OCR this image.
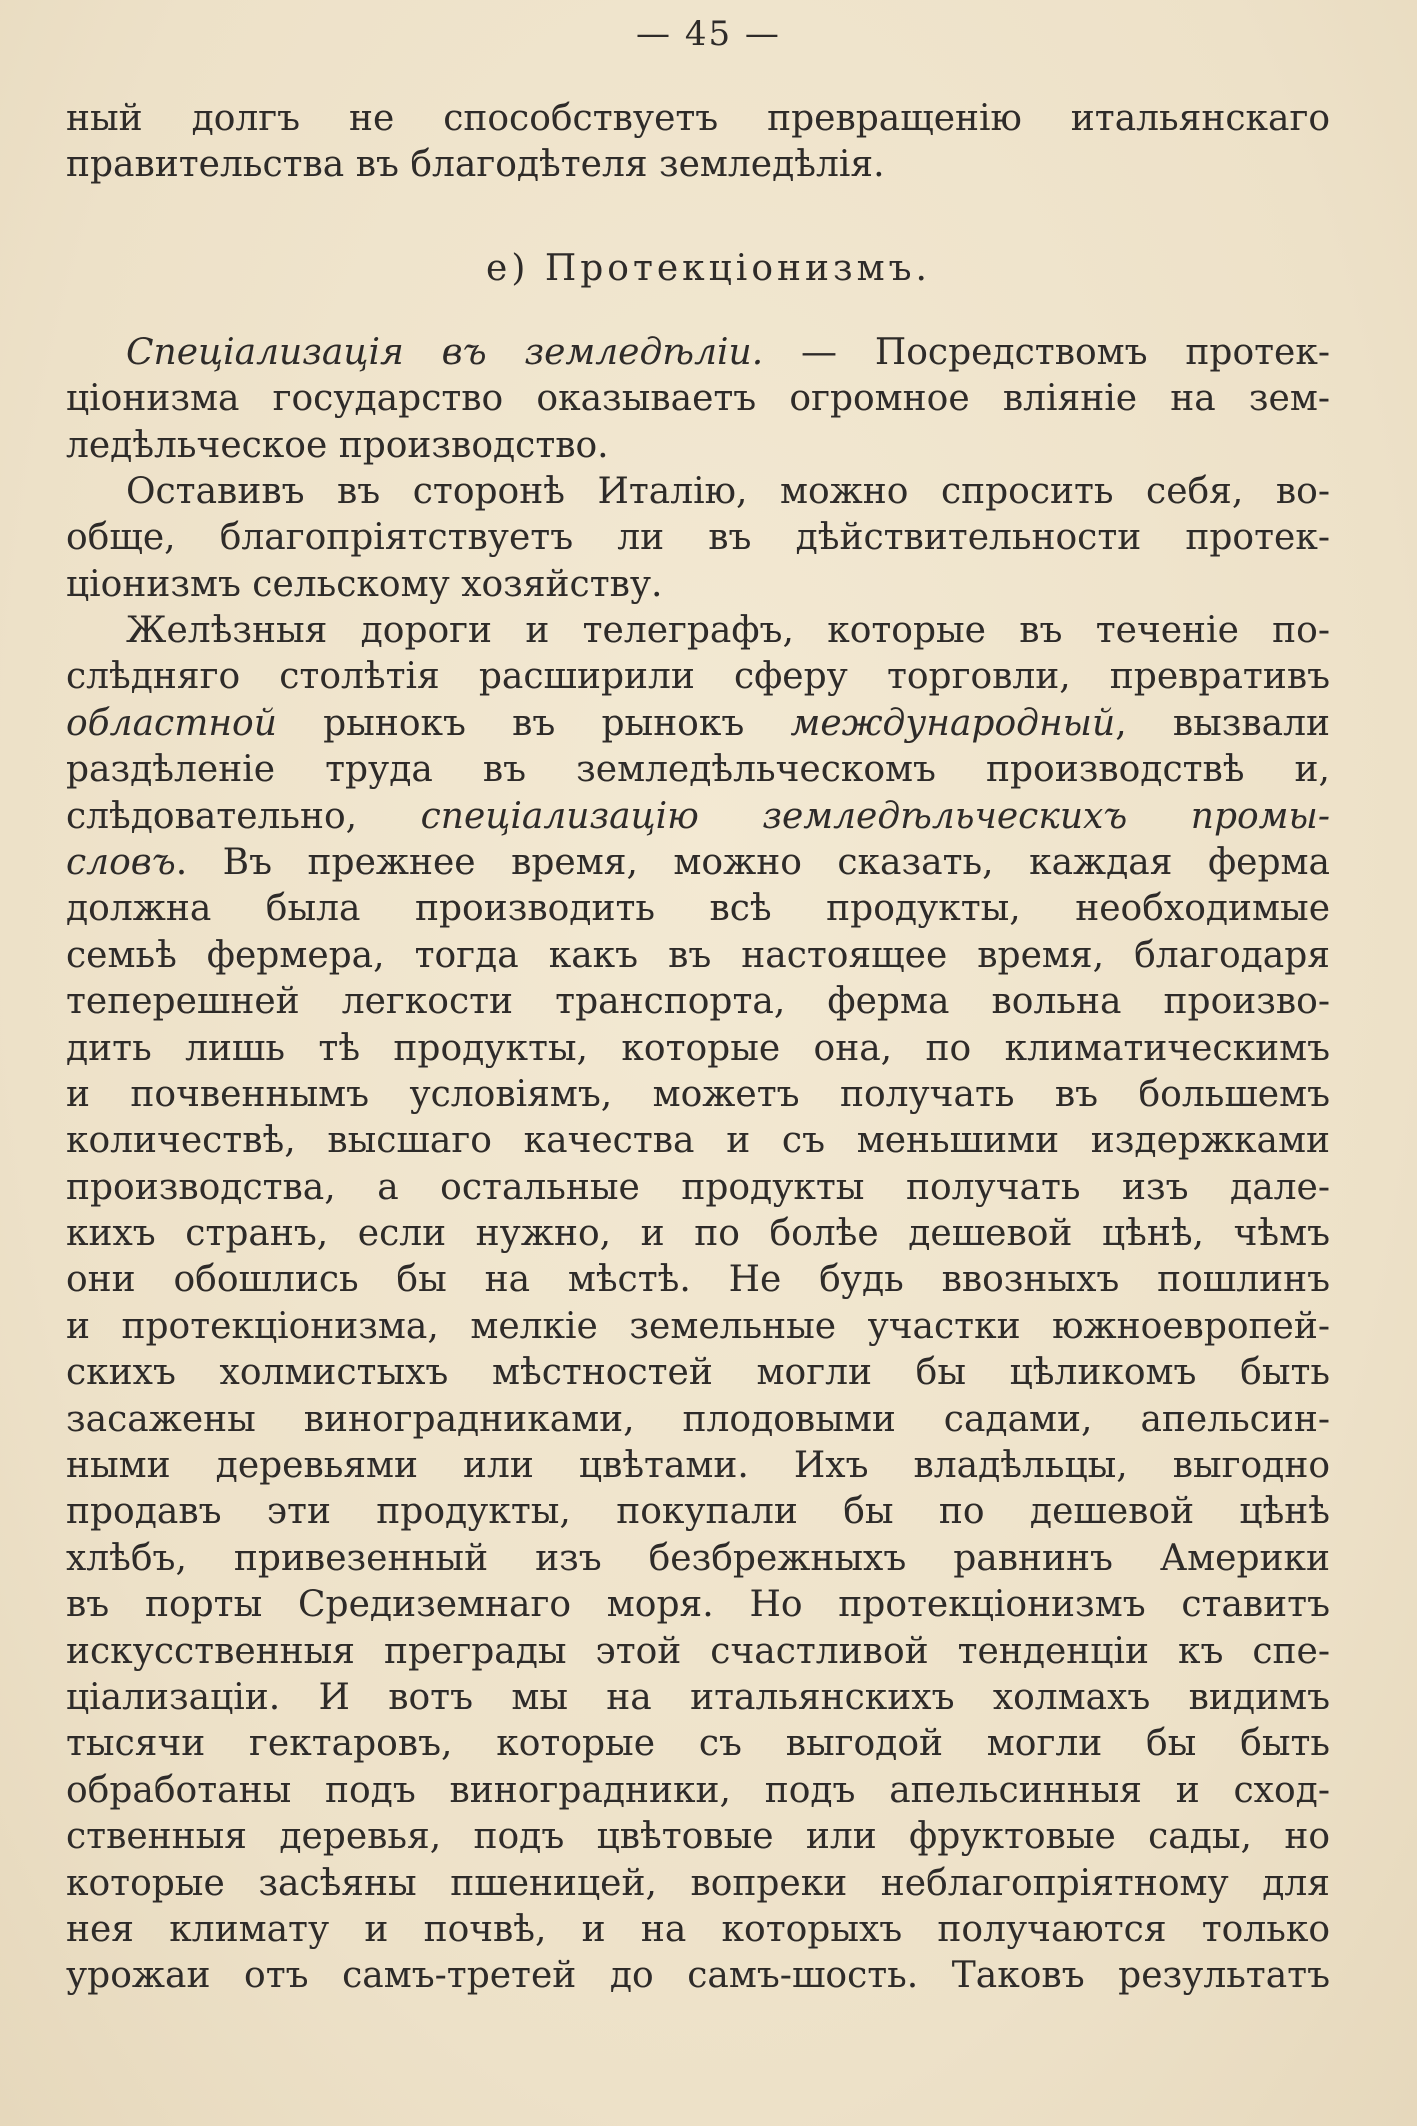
— 45 —
ный долгъ не способствуетъ превращенію итальянскаго
правительства въ благодѣтеля земледѣлія.
e) Протекціонизмъ.
Спеціализація въ земледѣліи. — Посредствомъ протек-
ціонизма государство оказываетъ огромное вліяніе на зем-
ледѣльческое производство.
Оставивъ въ сторонѣ Италію, можно спросить себя, во-
обще, благопріятствуетъ ли въ дѣйствительности протек-
ціонизмъ сельскому хозяйству.
Желѣзныя дороги и телеграфъ, которые въ теченіе по-
слѣдняго столѣтія расширили сферу торговли, превративъ
областной рынокъ въ рынокъ международный, вызвали
раздѣленіе труда въ земледѣльческомъ производствѣ и,
слѣдовательно, спеціализацію земледѣльческихъ промы-
словъ. Въ прежнее время, можно сказать, каждая ферма
должна была производить всѣ продукты, необходимые
семьѣ фермера, тогда какъ въ настоящее время, благодаря
теперешней легкости транспорта, ферма вольна произво-
дить лишь тѣ продукты, которые она, по климатическимъ
и почвеннымъ условіямъ, можетъ получать въ большемъ
количествѣ, высшаго качества и съ меньшими издержками
производства, а остальные продукты получать изъ дале-
кихъ странъ, если нужно, и по болѣе дешевой цѣнѣ, чѣмъ
они обошлись бы на мѣстѣ. Не будь ввозныхъ пошлинъ
и протекціонизма, мелкіе земельные участки южноевропей-
скихъ холмистыхъ мѣстностей могли бы цѣликомъ быть
засажены виноградниками, плодовыми садами, апельсин-
ными деревьями или цвѣтами. Ихъ владѣльцы, выгодно
продавъ эти продукты, покупали бы по дешевой цѣнѣ
хлѣбъ, привезенный изъ безбрежныхъ равнинъ Америки
въ порты Средиземнаго моря. Но протекціонизмъ ставитъ
искусственныя преграды этой счастливой тенденціи къ спе-
ціализаціи. И вотъ мы на итальянскихъ холмахъ видимъ
тысячи гектаровъ, которые съ выгодой могли бы быть
обработаны подъ виноградники, подъ апельсинныя и сход-
ственныя деревья, подъ цвѣтовые или фруктовые сады, но
которые засѣяны пшеницей, вопреки неблагопріятному для
нея климату и почвѣ, и на которыхъ получаются только
урожаи отъ самъ-третей до самъ-шость. Таковъ результатъ
